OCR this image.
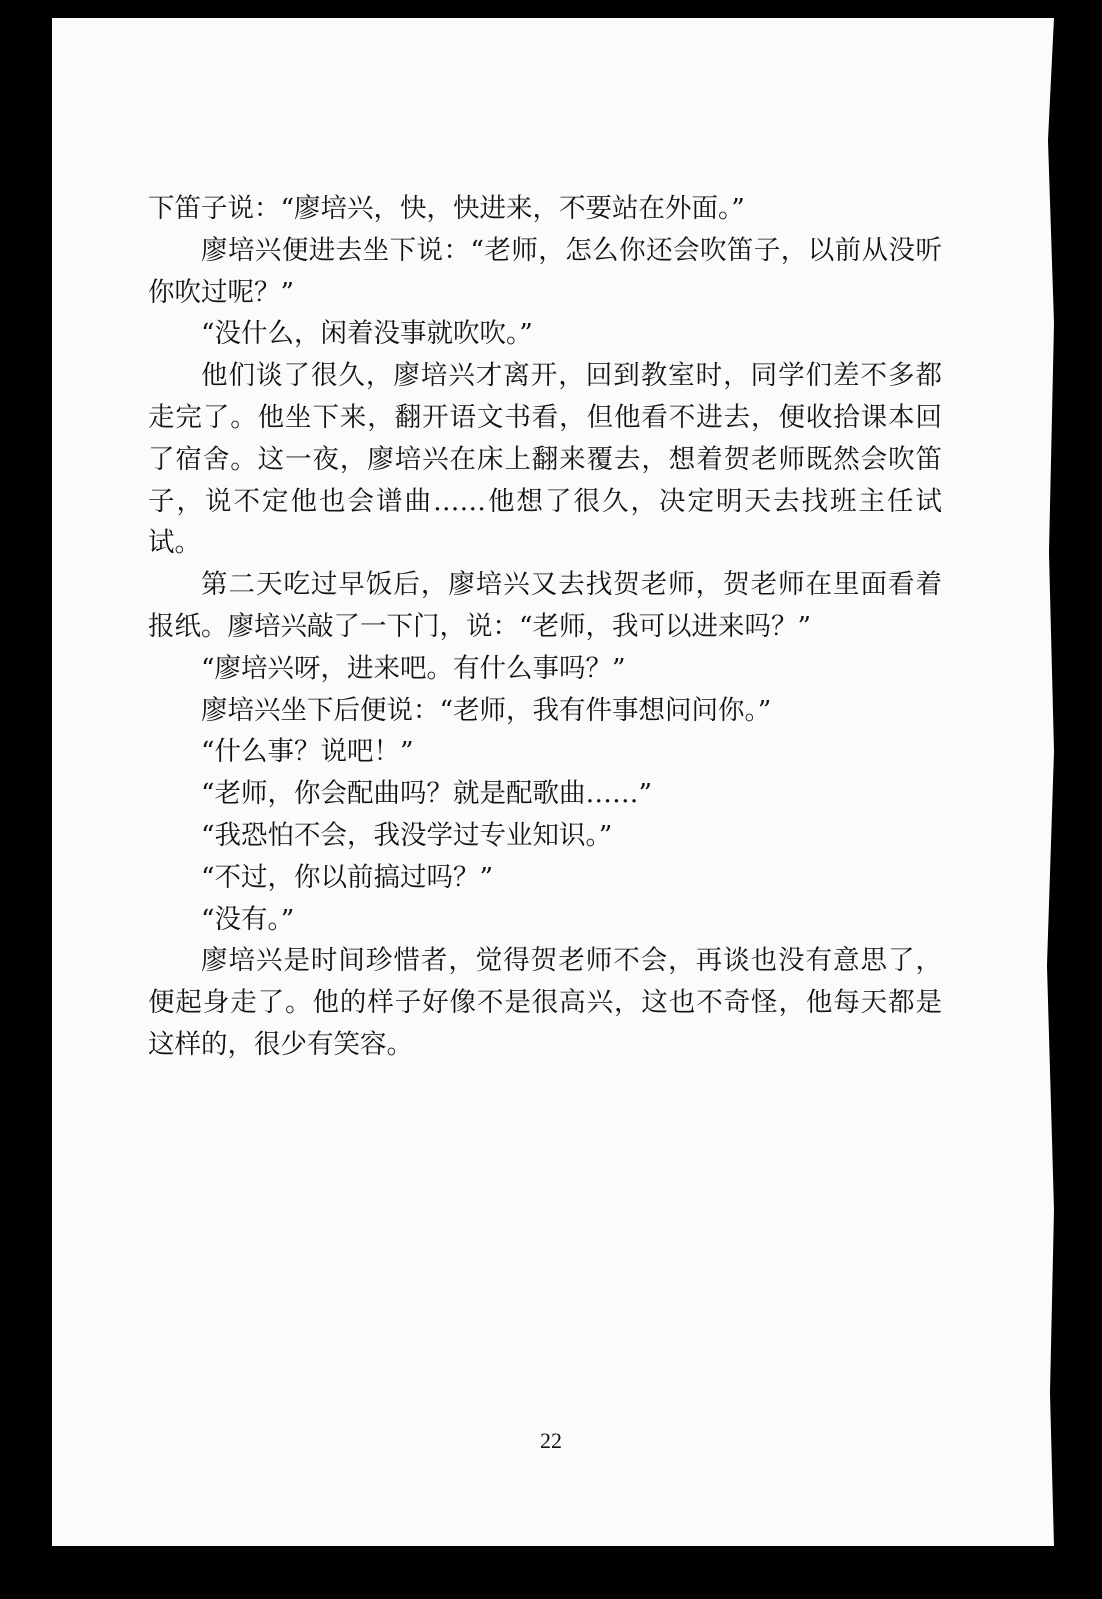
下笛子说：“廖培兴，快，快进来，不要站在外面。”

廖培兴便进去坐下说：“老师，怎么你还会吹笛子，以前从没听你吹过呢？”

“没什么，闲着没事就吹吹。”

他们谈了很久，廖培兴才离开，回到教室时，同学们差不多都走完了。他坐下来，翻开语文书看，但他看不进去，便收拾课本回了宿舍。这一夜，廖培兴在床上翻来覆去，想着贺老师既然会吹笛子，说不定他也会谱曲……他想了很久，决定明天去找班主任试试。

第二天吃过早饭后，廖培兴又去找贺老师，贺老师在里面看着报纸。廖培兴敲了一下门，说：“老师，我可以进来吗？”

“廖培兴呀，进来吧。有什么事吗？”

廖培兴坐下后便说：“老师，我有件事想问问你。”

“什么事？说吧！”

“老师，你会配曲吗？就是配歌曲……”

“我恐怕不会，我没学过专业知识。”

“不过，你以前搞过吗？”

“没有。”

廖培兴是时间珍惜者，觉得贺老师不会，再谈也没有意思了，便起身走了。他的样子好像不是很高兴，这也不奇怪，他每天都是这样的，很少有笑容。

22
